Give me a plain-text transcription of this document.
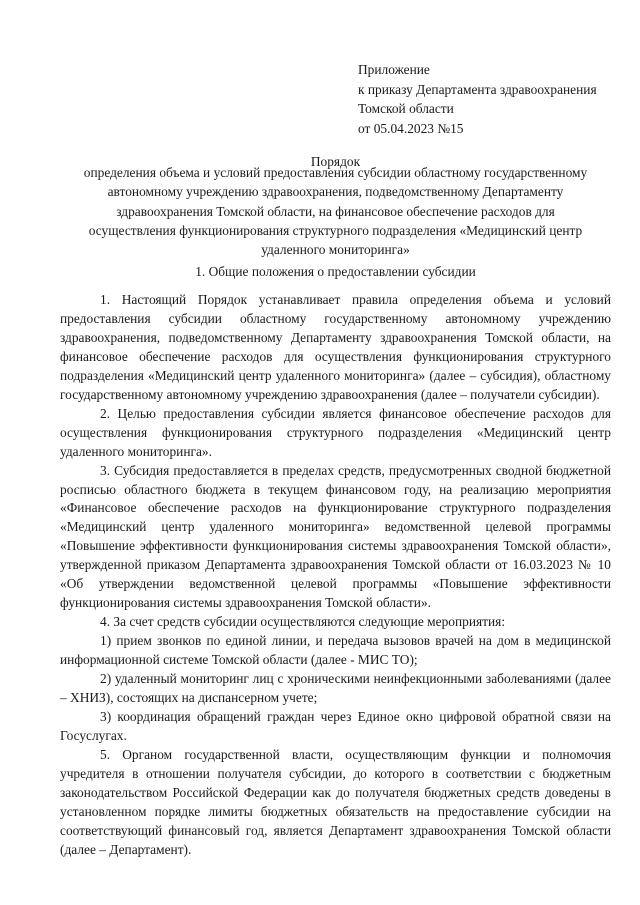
Приложение
к приказу Департамента здравоохранения
Томской области
от 05.04.2023 №15
Порядок
определения объема и условий предоставления субсидии областному государственному
автономному учреждению здравоохранения, подведомственному Департаменту
здравоохранения Томской области, на финансовое обеспечение расходов для
осуществления функционирования структурного подразделения «Медицинский центр
удаленного мониторинга»
1. Общие положения о предоставлении субсидии

1. Настоящий Порядок устанавливает правила определения объема и условий предоставления субсидии областному государственному автономному учреждению здравоохранения, подведомственному Департаменту здравоохранения Томской области, на финансовое обеспечение расходов для осуществления функционирования структурного подразделения «Медицинский центр удаленного мониторинга» (далее – субсидия), областному государственному автономному учреждению здравоохранения (далее – получатели субсидии).

2. Целью предоставления субсидии является финансовое обеспечение расходов для осуществления функционирования структурного подразделения «Медицинский центр удаленного мониторинга».

3. Субсидия предоставляется в пределах средств, предусмотренных сводной бюджетной росписью областного бюджета в текущем финансовом году, на реализацию мероприятия «Финансовое обеспечение расходов на функционирование структурного подразделения «Медицинский центр удаленного мониторинга» ведомственной целевой программы «Повышение эффективности функционирования системы здравоохранения Томской области», утвержденной приказом Департамента здравоохранения Томской области от 16.03.2023 № 10 «Об утверждении ведомственной целевой программы «Повышение эффективности функционирования системы здравоохранения Томской области».

4. За счет средств субсидии осуществляются следующие мероприятия:

1) прием звонков по единой линии, и передача вызовов врачей на дом в медицинской информационной системе Томской области (далее - МИС ТО);

2) удаленный мониторинг лиц с хроническими неинфекционными заболеваниями (далее – ХНИЗ), состоящих на диспансерном учете;

3) координация обращений граждан через Единое окно цифровой обратной связи на Госуслугах.

5. Органом государственной власти, осуществляющим функции и полномочия учредителя в отношении получателя субсидии, до которого в соответствии с бюджетным законодательством Российской Федерации как до получателя бюджетных средств доведены в установленном порядке лимиты бюджетных обязательств на предоставление субсидии на соответствующий финансовый год, является Департамент здравоохранения Томской области (далее – Департамент).
